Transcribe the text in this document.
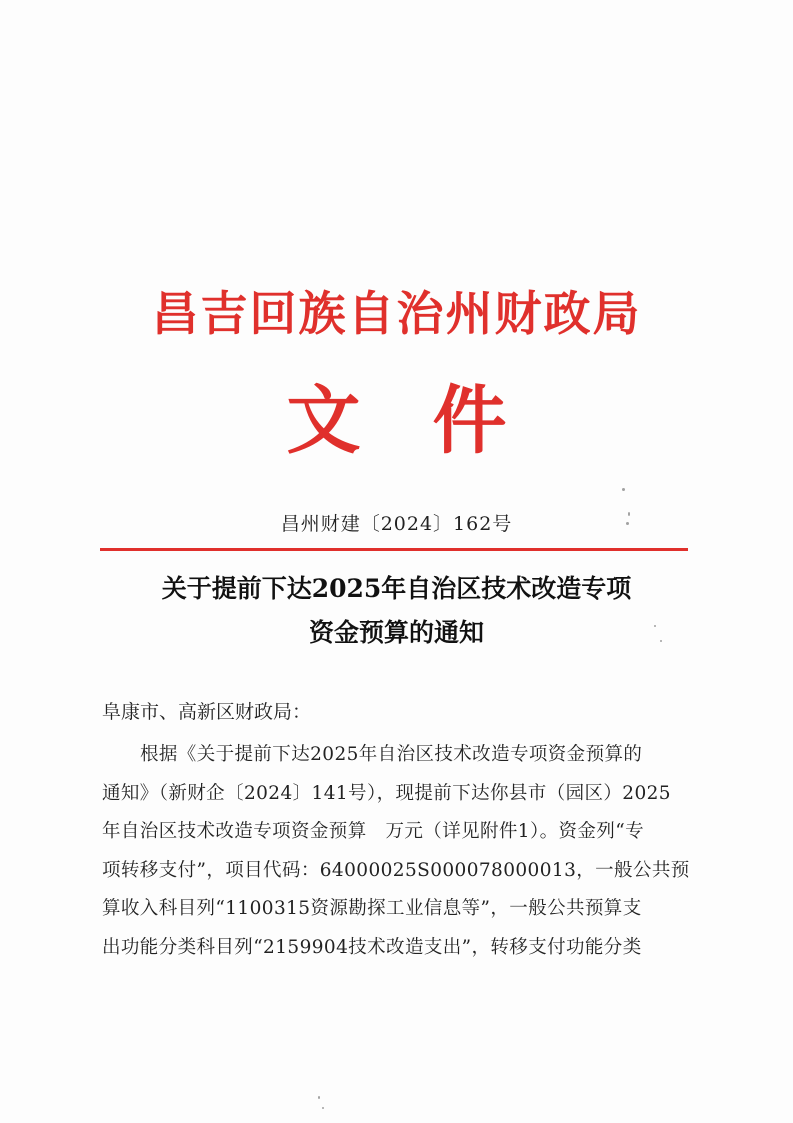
昌吉回族自治州财政局
文件
昌州财建〔2024〕162号
关于提前下达2025年自治区技术改造专项
资金预算的通知
阜康市、高新区财政局：
根据《关于提前下达2025年自治区技术改造专项资金预算的
通知》（新财企〔2024〕141号），现提前下达你县市（园区）2025
年自治区技术改造专项资金预算　万元（详见附件1）。资金列“专
项转移支付”，项目代码：64000025S000078000013，一般公共预
算收入科目列“1100315资源勘探工业信息等”，一般公共预算支
出功能分类科目列“2159904技术改造支出”，转移支付功能分类
